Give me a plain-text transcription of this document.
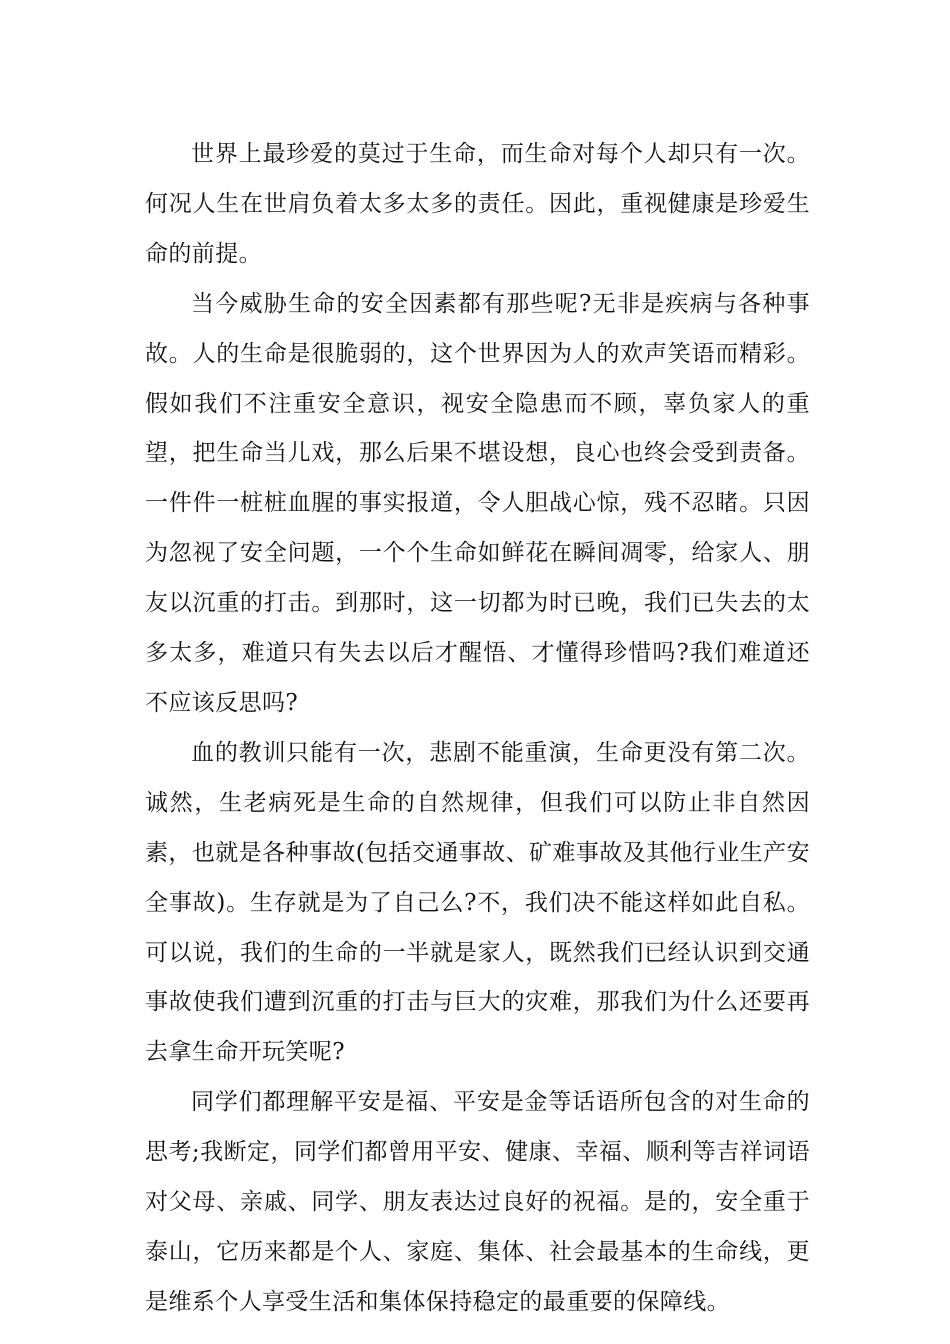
世界上最珍爱的莫过于生命，而生命对每个人却只有一次。何况人生在世肩负着太多太多的责任。因此，重视健康是珍爱生命的前提。

当今威胁生命的安全因素都有那些呢?无非是疾病与各种事故。人的生命是很脆弱的，这个世界因为人的欢声笑语而精彩。假如我们不注重安全意识，视安全隐患而不顾，辜负家人的重望，把生命当儿戏，那么后果不堪设想，良心也终会受到责备。一件件一桩桩血腥的事实报道，令人胆战心惊，残不忍睹。只因为忽视了安全问题，一个个生命如鲜花在瞬间凋零，给家人、朋友以沉重的打击。到那时，这一切都为时已晚，我们已失去的太多太多，难道只有失去以后才醒悟、才懂得珍惜吗?我们难道还不应该反思吗?

血的教训只能有一次，悲剧不能重演，生命更没有第二次。诚然，生老病死是生命的自然规律，但我们可以防止非自然因素，也就是各种事故(包括交通事故、矿难事故及其他行业生产安全事故)。生存就是为了自己么?不，我们决不能这样如此自私。可以说，我们的生命的一半就是家人，既然我们已经认识到交通事故使我们遭到沉重的打击与巨大的灾难，那我们为什么还要再去拿生命开玩笑呢?

同学们都理解平安是福、平安是金等话语所包含的对生命的思考;我断定，同学们都曾用平安、健康、幸福、顺利等吉祥词语对父母、亲戚、同学、朋友表达过良好的祝福。是的，安全重于泰山，它历来都是个人、家庭、集体、社会最基本的生命线，更是维系个人享受生活和集体保持稳定的最重要的保障线。
